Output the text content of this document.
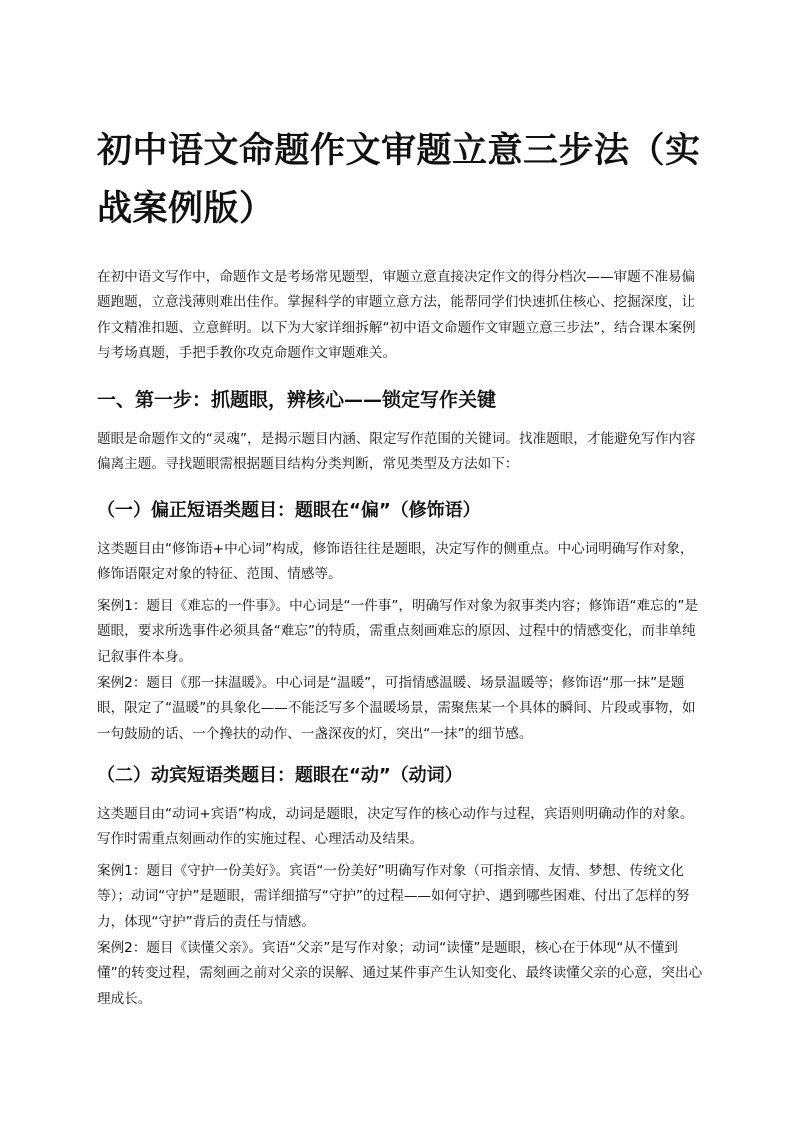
初中语文命题作文审题立意三步法（实战案例版）

在初中语文写作中，命题作文是考场常见题型，审题立意直接决定作文的得分档次——审题不准易偏题跑题，立意浅薄则难出佳作。掌握科学的审题立意方法，能帮同学们快速抓住核心、挖掘深度，让作文精准扣题、立意鲜明。以下为大家详细拆解“初中语文命题作文审题立意三步法”，结合课本案例与考场真题，手把手教你攻克命题作文审题难关。

一、第一步：抓题眼，辨核心——锁定写作关键

题眼是命题作文的“灵魂”，是揭示题目内涵、限定写作范围的关键词。找准题眼，才能避免写作内容偏离主题。寻找题眼需根据题目结构分类判断，常见类型及方法如下：

（一）偏正短语类题目：题眼在“偏”（修饰语）

这类题目由“修饰语+中心词”构成，修饰语往往是题眼，决定写作的侧重点。中心词明确写作对象，修饰语限定对象的特征、范围、情感等。

案例1：题目《难忘的一件事》。中心词是“一件事”，明确写作对象为叙事类内容；修饰语“难忘的”是题眼，要求所选事件必须具备“难忘”的特质，需重点刻画难忘的原因、过程中的情感变化，而非单纯记叙事件本身。

案例2：题目《那一抹温暖》。中心词是“温暖”，可指情感温暖、场景温暖等；修饰语“那一抹”是题眼，限定了“温暖”的具象化——不能泛写多个温暖场景，需聚焦某一个具体的瞬间、片段或事物，如一句鼓励的话、一个搀扶的动作、一盏深夜的灯，突出“一抹”的细节感。

（二）动宾短语类题目：题眼在“动”（动词）

这类题目由“动词+宾语”构成，动词是题眼，决定写作的核心动作与过程，宾语则明确动作的对象。写作时需重点刻画动作的实施过程、心理活动及结果。

案例1：题目《守护一份美好》。宾语“一份美好”明确写作对象（可指亲情、友情、梦想、传统文化等）；动词“守护”是题眼，需详细描写“守护”的过程——如何守护、遇到哪些困难、付出了怎样的努力，体现“守护”背后的责任与情感。

案例2：题目《读懂父亲》。宾语“父亲”是写作对象；动词“读懂”是题眼，核心在于体现“从不懂到懂”的转变过程，需刻画之前对父亲的误解、通过某件事产生认知变化、最终读懂父亲的心意，突出心理成长。
